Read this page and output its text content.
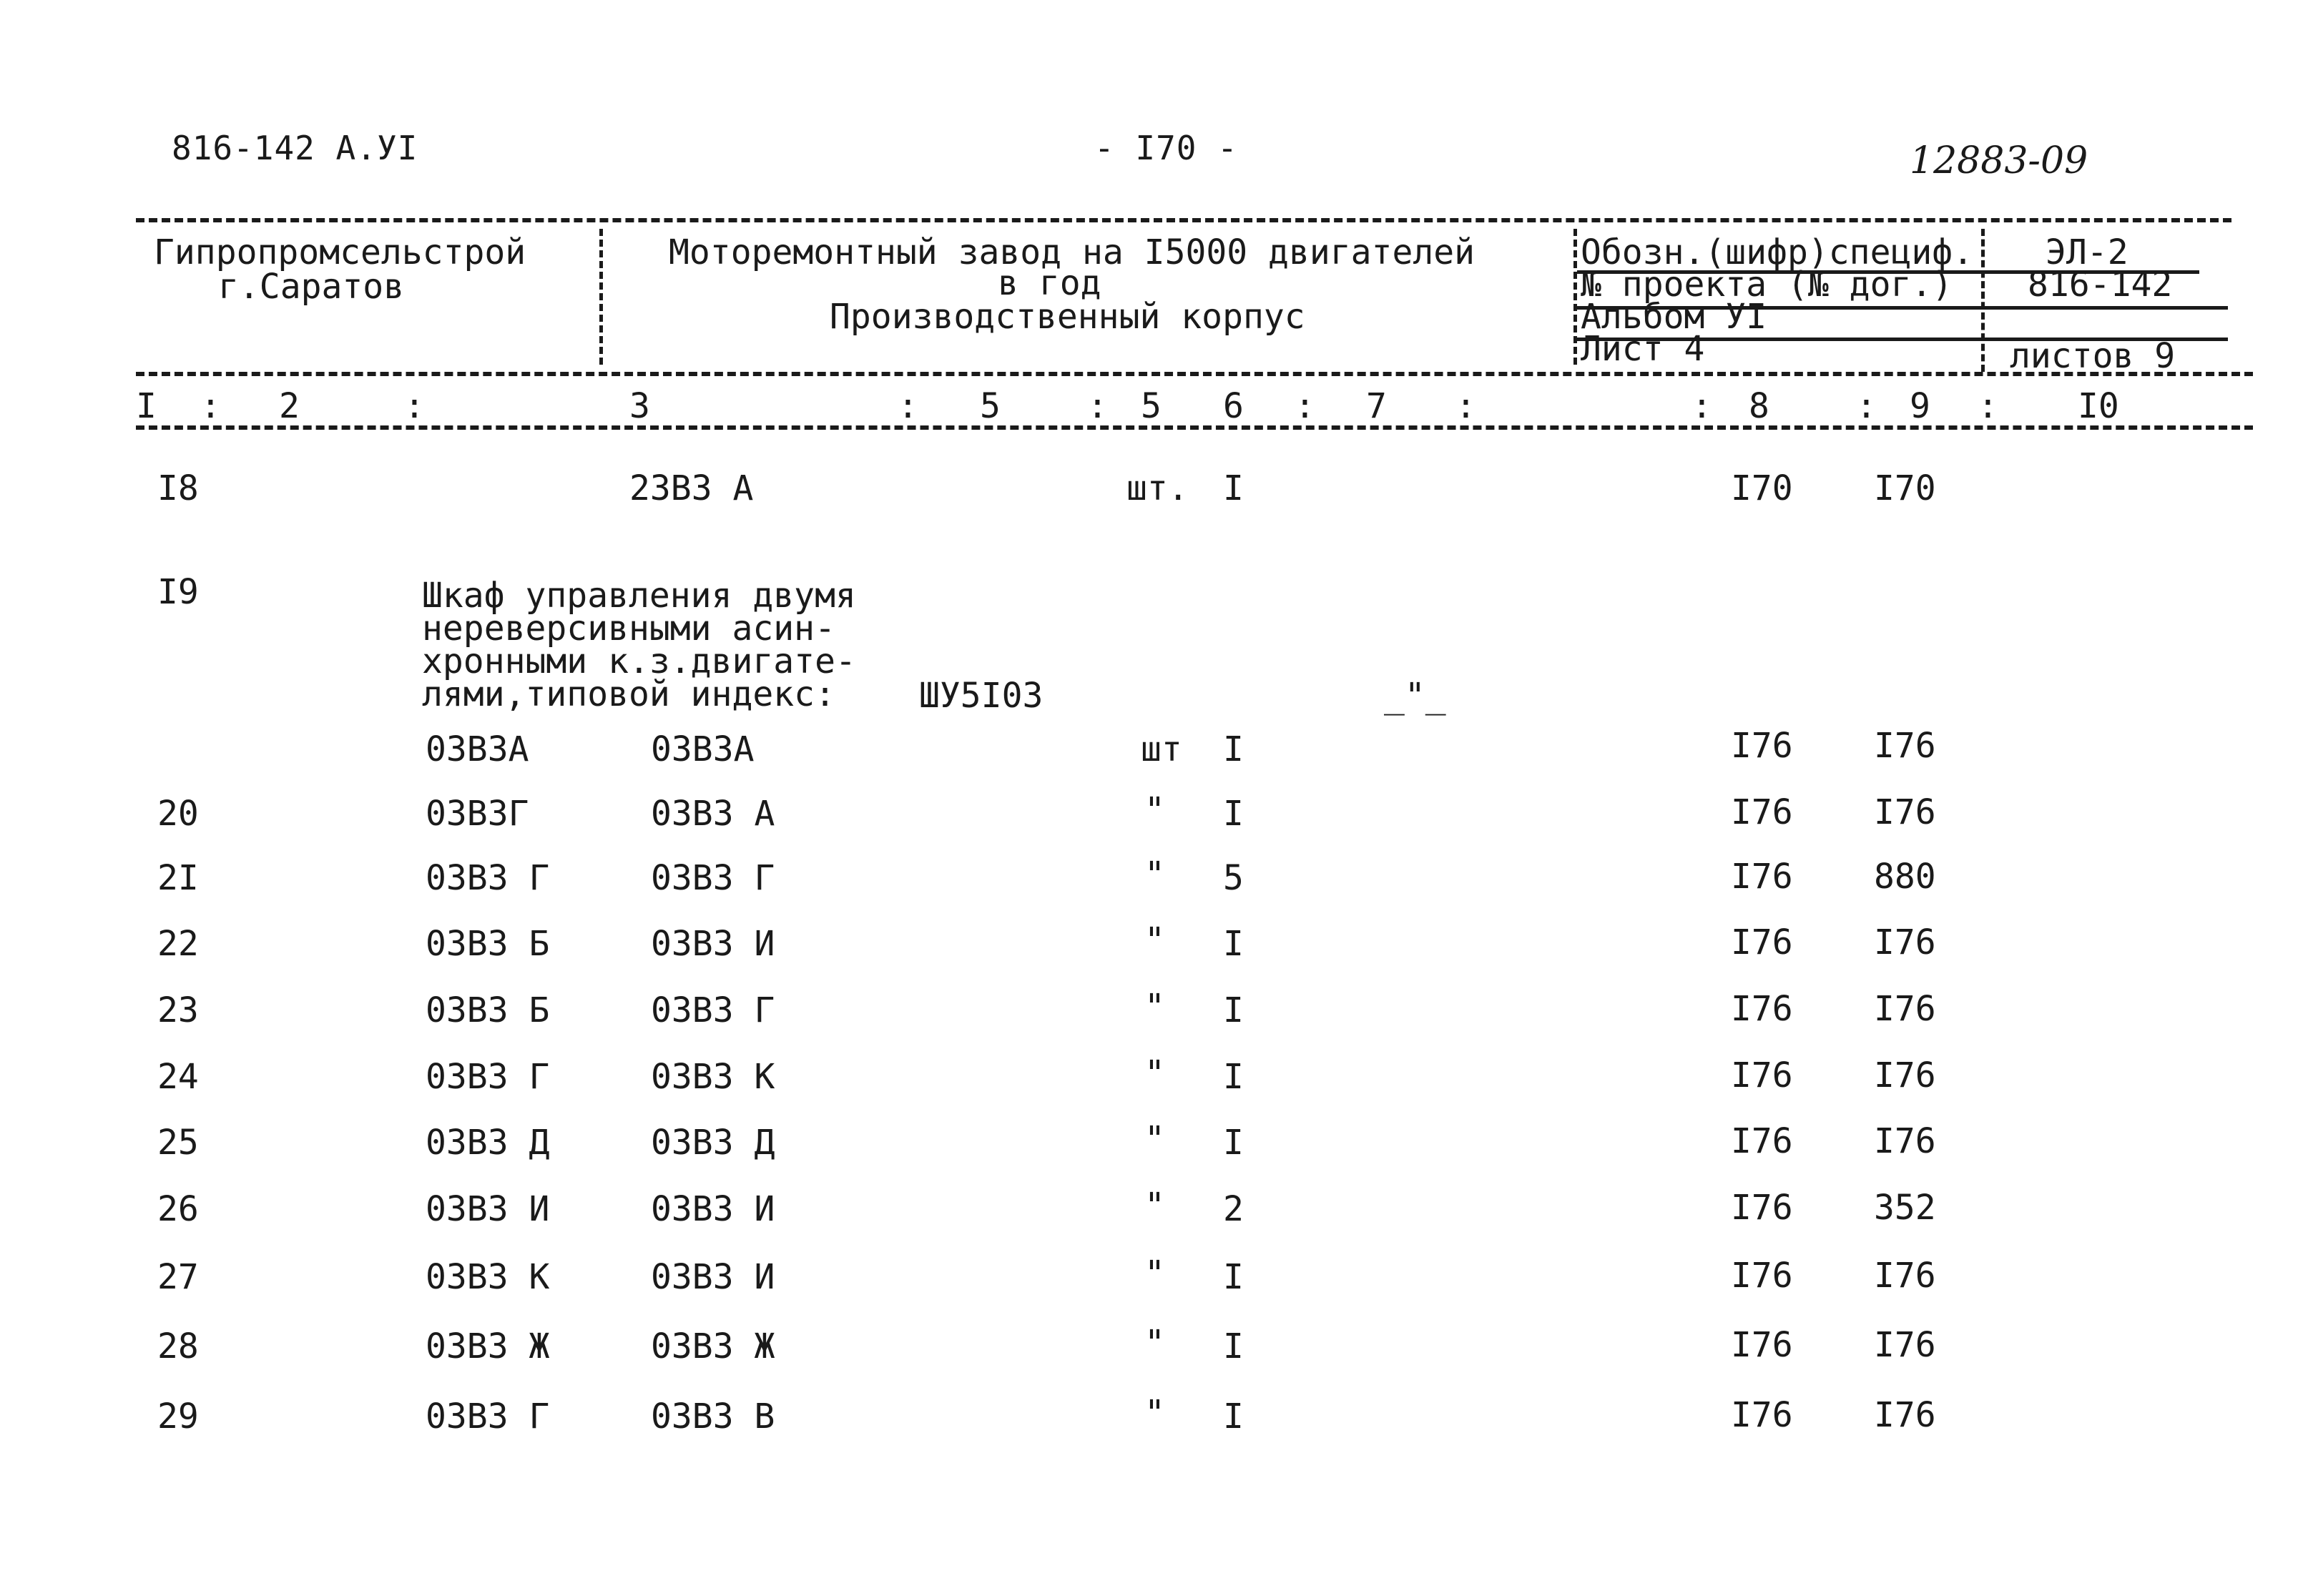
816-142 А.УI	- I70 -	12883-09
Гипропромсельстрой
г.Саратов
Моторемонтный завод на I5000 двигателей
в год
Производственный корпус
Обозн.(шифр)специф. ЭЛ-2
№ проекта (№ дог.) 816-142
Альбом УI
Лист 4	листов 9
I : 2	:	3	: 5	: 5 6 : 7 :	: 8	: 9 : I0
I8	23В3 А	шт. I	I70 I70
I9	Шкаф управления двумя
нереверсивными асин-
хронными к.з.двигате-
лями,типовой индекс: ШУ5I03	_"_
03В3А	03В3А	шт I	I76 I76
20	03В3Г	03В3 А	" I	I76 I76
2I	03В3 Г	03В3 Г	" 5	I76 880
22	03В3 Б	03В3 И	" I	I76 I76
23	03В3 Б	03В3 Г	" I	I76 I76
24	03В3 Г	03В3 К	" I	I76 I76
25	03В3 Д	03В3 Д	" I	I76 I76
26	03В3 И	03В3 И	" 2	I76 352
27	03В3 К	03В3 И	" I	I76 I76
28	03В3 Ж	03В3 Ж	" I	I76 I76
29	03В3 Г	03В3 В	" I	I76 I76
